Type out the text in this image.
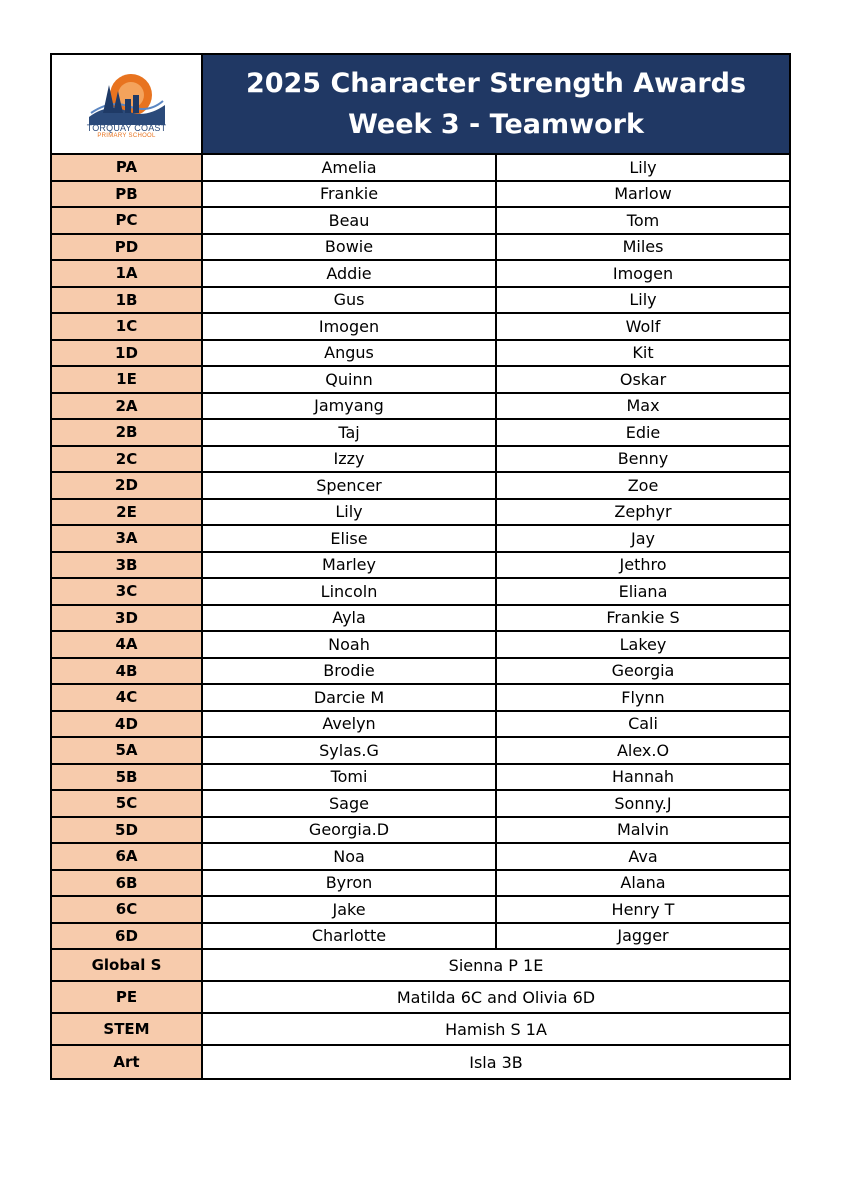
TORQUAY COAST
PRIMARY SCHOOL
2025 Character Strength Awards
Week 3 - Teamwork
PA	Amelia	Lily
PB	Frankie	Marlow
PC	Beau	Tom
PD	Bowie	Miles
1A	Addie	Imogen
1B	Gus	Lily
1C	Imogen	Wolf
1D	Angus	Kit
1E	Quinn	Oskar
2A	Jamyang	Max
2B	Taj	Edie
2C	Izzy	Benny
2D	Spencer	Zoe
2E	Lily	Zephyr
3A	Elise	Jay
3B	Marley	Jethro
3C	Lincoln	Eliana
3D	Ayla	Frankie S
4A	Noah	Lakey
4B	Brodie	Georgia
4C	Darcie M	Flynn
4D	Avelyn	Cali
5A	Sylas.G	Alex.O
5B	Tomi	Hannah
5C	Sage	Sonny.J
5D	Georgia.D	Malvin
6A	Noa	Ava
6B	Byron	Alana
6C	Jake	Henry T
6D	Charlotte	Jagger
Global S	Sienna P 1E
PE	Matilda 6C and Olivia 6D
STEM	Hamish S 1A
Art	Isla 3B
